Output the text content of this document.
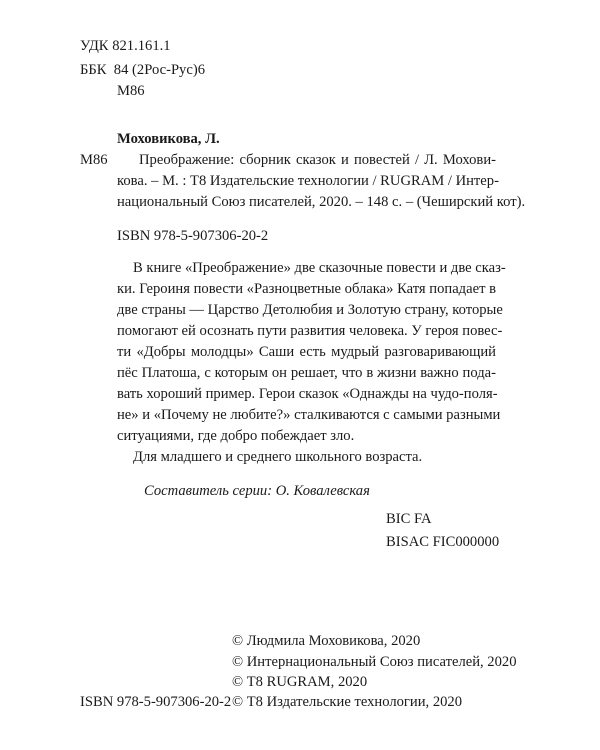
УДК 821.161.1
ББК  84 (2Рос-Рус)6
М86
М86
Моховикова, Л.
Преображение: сборник сказок и повестей / Л. Мохови-
кова. – М. : Т8 Издательские технологии / RUGRAM / Интер-
национальный Союз писателей, 2020. – 148 с. – (Чеширский кот).
ISBN 978-5-907306-20-2
В книге «Преображение» две сказочные повести и две сказ-
ки. Героиня повести «Разноцветные облака» Катя попадает в
две страны — Царство Детолюбия и Золотую страну, которые
помогают ей осознать пути развития человека. У героя повес-
ти «Добры молодцы» Саши есть мудрый разговаривающий
пёс Платоша, с которым он решает, что в жизни важно пода-
вать хороший пример. Герои сказок «Однажды на чудо-поля-
не» и «Почему не любите?» сталкиваются с самыми разными
ситуациями, где добро побеждает зло.
Для младшего и среднего школьного возраста.
Составитель серии: О. Ковалевская
BIC FA
BISAC FIC000000
ISBN 978-5-907306-20-2
© Людмила Моховикова, 2020
© Интернациональный Союз писателей, 2020
© Т8 RUGRAM, 2020
© Т8 Издательские технологии, 2020
